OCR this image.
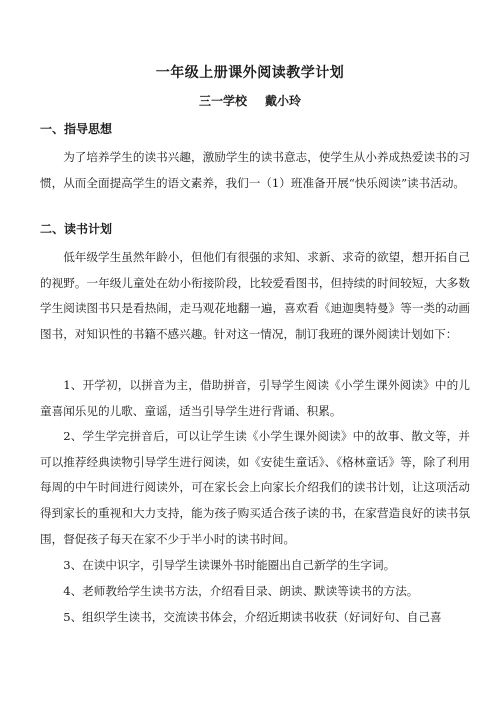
一年级上册课外阅读教学计划
三一学校 戴小玲
一、指导思想

为了培养学生的读书兴趣，激励学生的读书意志，使学生从小养成热爱读书的习惯，从而全面提高学生的语文素养，我们一（1）班准备开展“快乐阅读”读书活动。

二、读书计划

低年级学生虽然年龄小，但他们有很强的求知、求新、求奇的欲望，想开拓自己的视野。一年级儿童处在幼小衔接阶段，比较爱看图书，但持续的时间较短，大多数学生阅读图书只是看热闹，走马观花地翻一遍，喜欢看《迪迦奥特曼》等一类的动画图书，对知识性的书籍不感兴趣。针对这一情况，制订我班的课外阅读计划如下：

1、开学初，以拼音为主，借助拼音，引导学生阅读《小学生课外阅读》中的儿童喜闻乐见的儿歌、童谣，适当引导学生进行背诵、积累。

2、学生学完拼音后，可以让学生读《小学生课外阅读》中的故事、散文等，并可以推荐经典读物引导学生进行阅读，如《安徒生童话》、《格林童话》等，除了利用每周的中午时间进行阅读外，可在家长会上向家长介绍我们的读书计划，让这项活动得到家长的重视和大力支持，能为孩子购买适合孩子读的书，在家营造良好的读书氛围，督促孩子每天在家不少于半小时的读书时间。

3、在读中识字，引导学生读课外书时能圈出自己新学的生字词。

4、老师教给学生读书方法，介绍看目录、朗读、默读等读书的方法。

5、组织学生读书，交流读书体会，介绍近期读书收获（好词好句、自己喜
